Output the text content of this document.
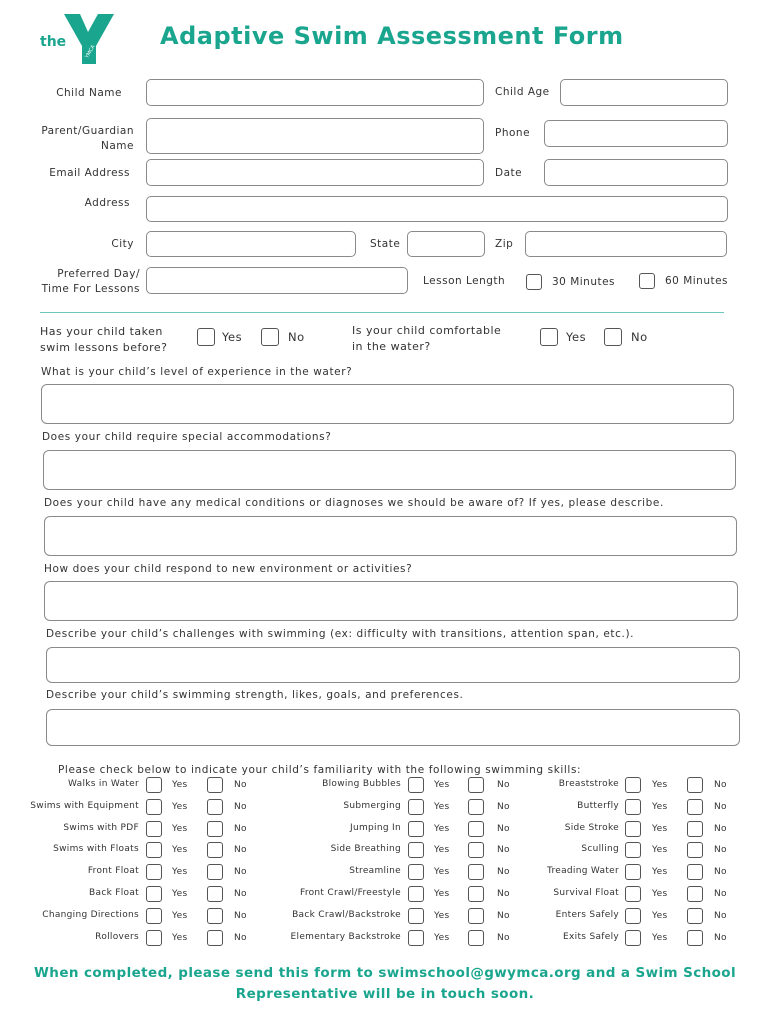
YMCA
the	Adaptive Swim Assessment Form
Child Name	Child Age
Parent/Guardian
Name
Phone
Email Address	Date
Address
City	State	Zip
Preferred Day/
Time For Lessons
Lesson Length	30 Minutes	60 Minutes
Has your child taken
swim lessons before?
Yes	No	Is your child comfortable
in the water?
Yes	No
What is your child’s level of experience in the water?
Does your child require special accommodations?
Does your child have any medical conditions or diagnoses we should be aware of? If yes, please describe.
How does your child respond to new environment or activities?
Describe your child’s challenges with swimming (ex: difficulty with transitions, attention span, etc.).
Describe your child’s swimming strength, likes, goals, and preferences.
Please check below to indicate your child’s familiarity with the following swimming skills:
Walks in Water	Yes	No
Swims with Equipment	Yes	No
Swims with PDF	Yes	No
Swims with Floats	Yes	No
Front Float	Yes	No
Back Float	Yes	No
Changing Directions	Yes	No
Rollovers	Yes	No
Blowing Bubbles	Yes	No
Submerging	Yes	No
Jumping In	Yes	No
Side Breathing	Yes	No
Streamline	Yes	No
Front Crawl/Freestyle	Yes	No
Back Crawl/Backstroke	Yes	No
Elementary Backstroke	Yes	No
Breaststroke	Yes	No
Butterfly	Yes	No
Side Stroke	Yes	No
Sculling	Yes	No
Treading Water	Yes	No
Survival Float	Yes	No
Enters Safely	Yes	No
Exits Safely	Yes	No
When completed, please send this form to swimschool@gwymca.org and a Swim School
Representative will be in touch soon.
